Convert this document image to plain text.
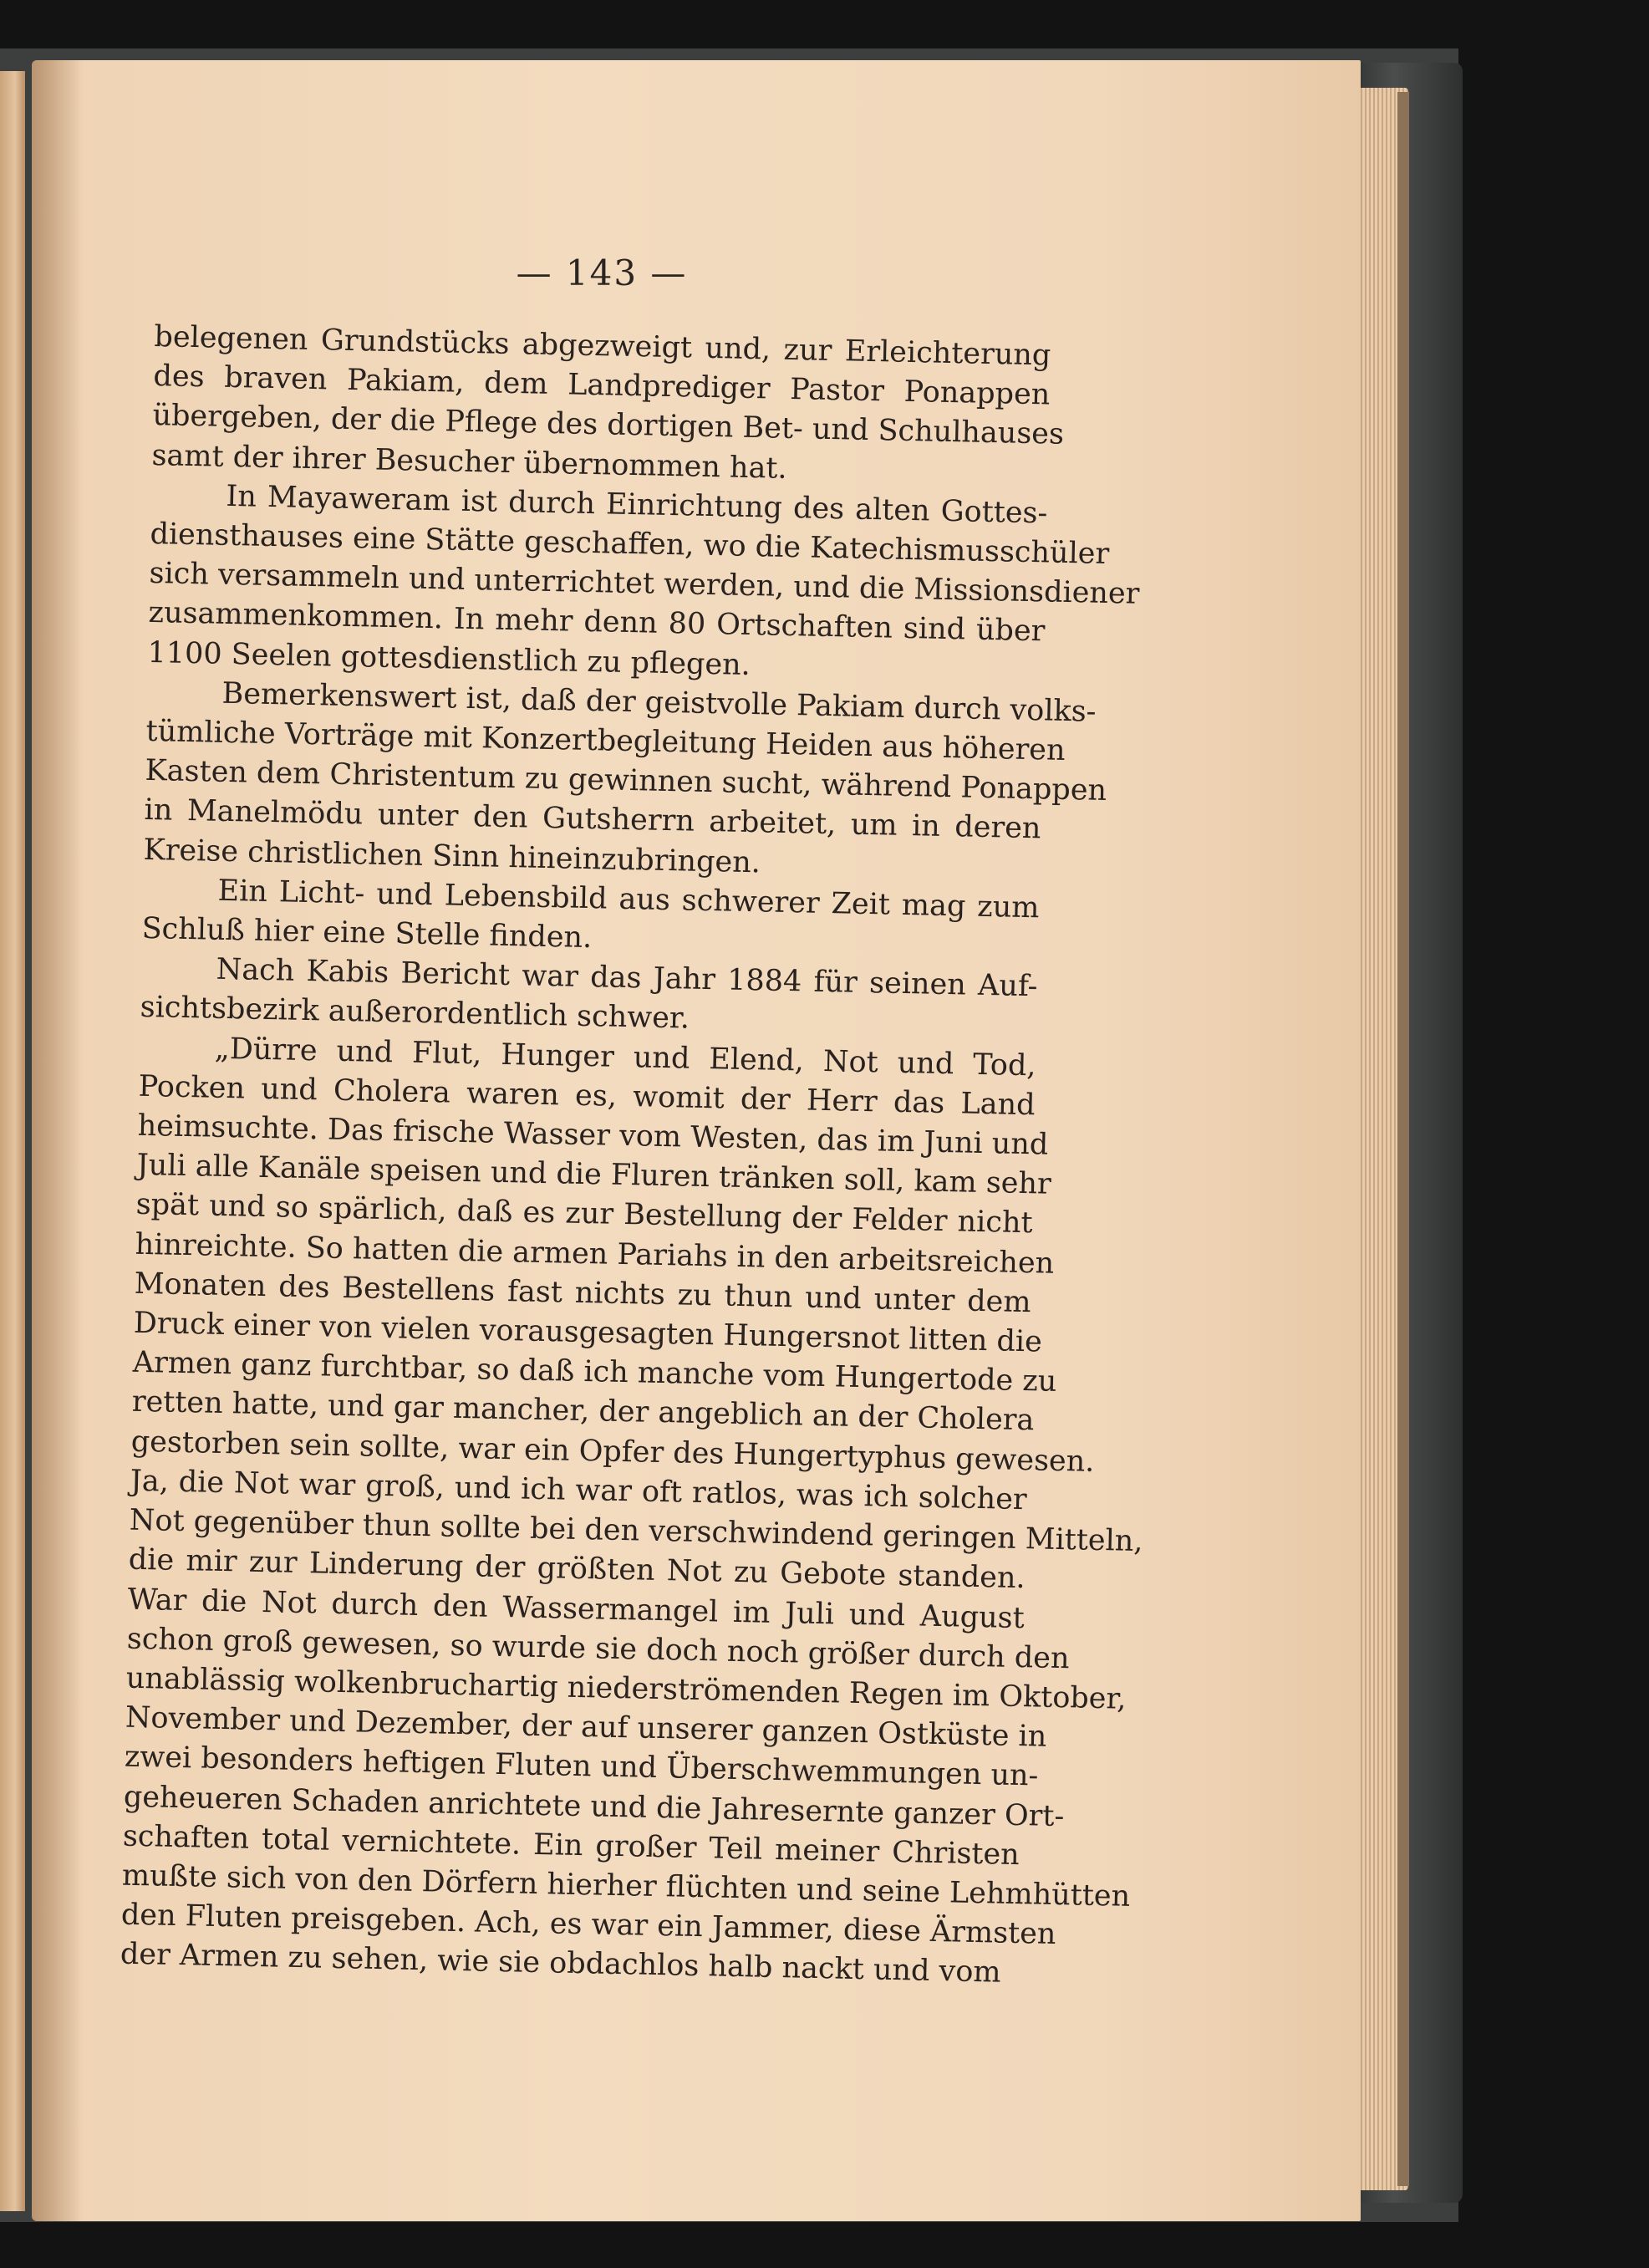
— 143 —
belegenen Grundstücks abgezweigt und, zur Erleichterung
des braven Pakiam, dem Landprediger Pastor Ponappen
übergeben, der die Pflege des dortigen Bet- und Schulhauses
samt der ihrer Besucher übernommen hat.
In Mayaweram ist durch Einrichtung des alten Gottes-
diensthauses eine Stätte geschaffen, wo die Katechismusschüler
sich versammeln und unterrichtet werden, und die Missionsdiener
zusammenkommen. In mehr denn 80 Ortschaften sind über
1100 Seelen gottesdienstlich zu pflegen.
Bemerkenswert ist, daß der geistvolle Pakiam durch volks-
tümliche Vorträge mit Konzertbegleitung Heiden aus höheren
Kasten dem Christentum zu gewinnen sucht, während Ponappen
in Manelmödu unter den Gutsherrn arbeitet, um in deren
Kreise christlichen Sinn hineinzubringen.
Ein Licht- und Lebensbild aus schwerer Zeit mag zum
Schluß hier eine Stelle finden.
Nach Kabis Bericht war das Jahr 1884 für seinen Auf-
sichtsbezirk außerordentlich schwer.
„Dürre und Flut, Hunger und Elend, Not und Tod,
Pocken und Cholera waren es, womit der Herr das Land
heimsuchte. Das frische Wasser vom Westen, das im Juni und
Juli alle Kanäle speisen und die Fluren tränken soll, kam sehr
spät und so spärlich, daß es zur Bestellung der Felder nicht
hinreichte. So hatten die armen Pariahs in den arbeitsreichen
Monaten des Bestellens fast nichts zu thun und unter dem
Druck einer von vielen vorausgesagten Hungersnot litten die
Armen ganz furchtbar, so daß ich manche vom Hungertode zu
retten hatte, und gar mancher, der angeblich an der Cholera
gestorben sein sollte, war ein Opfer des Hungertyphus gewesen.
Ja, die Not war groß, und ich war oft ratlos, was ich solcher
Not gegenüber thun sollte bei den verschwindend geringen Mitteln,
die mir zur Linderung der größten Not zu Gebote standen.
War die Not durch den Wassermangel im Juli und August
schon groß gewesen, so wurde sie doch noch größer durch den
unablässig wolkenbruchartig niederströmenden Regen im Oktober,
November und Dezember, der auf unserer ganzen Ostküste in
zwei besonders heftigen Fluten und Überschwemmungen un-
geheueren Schaden anrichtete und die Jahresernte ganzer Ort-
schaften total vernichtete. Ein großer Teil meiner Christen
mußte sich von den Dörfern hierher flüchten und seine Lehmhütten
den Fluten preisgeben. Ach, es war ein Jammer, diese Ärmsten
der Armen zu sehen, wie sie obdachlos halb nackt und vom
